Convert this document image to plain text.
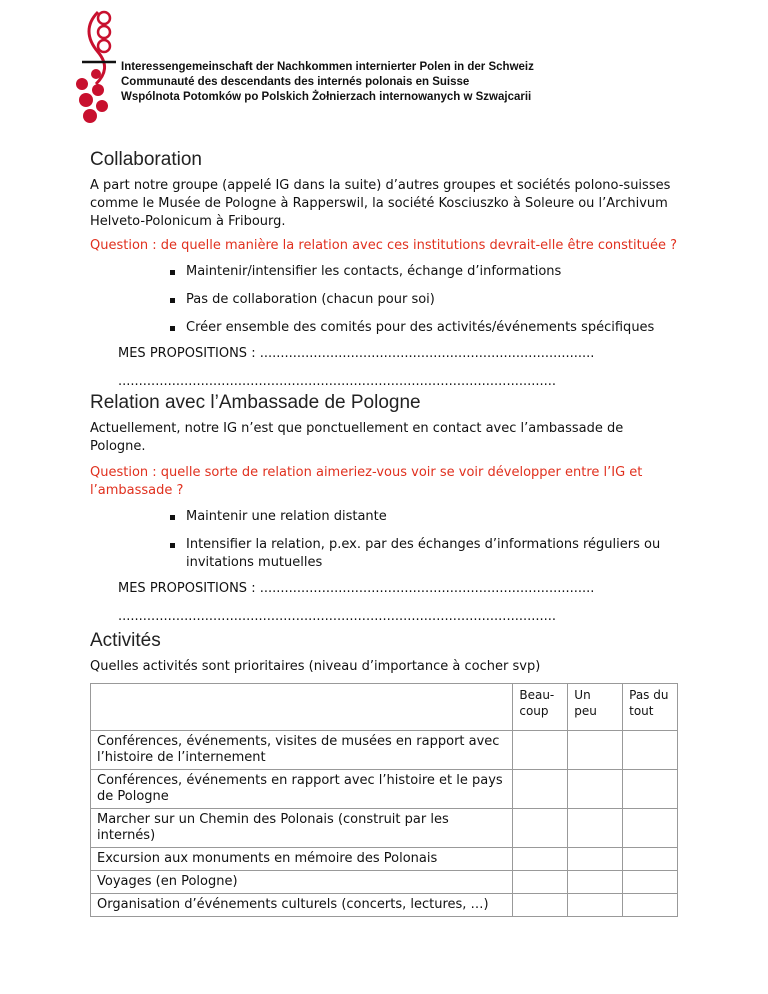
Interessengemeinschaft der Nachkommen internierter Polen in der Schweiz
Communauté des descendants des internés polonais en Suisse
Wspólnota Potomków po Polskich Żołnierzach internowanych w Szwajcarii
Collaboration

A part notre groupe (appelé IG dans la suite) d’autres groupes et sociétés polono-suisses comme le Musée de Pologne à Rapperswil, la société Kosciuszko à Soleure ou l’Archivum Helveto-Polonicum à Fribourg.

Question : de quelle manière la relation avec ces institutions devrait-elle être constituée ?

Maintenir/intensifier les contacts, échange d’informations
Pas de collaboration (chacun pour soi)
Créer ensemble des comités pour des activités/événements spécifiques

MES PROPOSITIONS : .................................................................................

..........................................................................................................

Relation avec l’Ambassade de Pologne

Actuellement, notre IG n’est que ponctuellement en contact avec l’ambassade de Pologne.

Question : quelle sorte de relation aimeriez-vous voir se voir développer entre l’IG et l’ambassade ?

Maintenir une relation distante
Intensifier la relation, p.ex. par des échanges d’informations réguliers ou invitations mutuelles

MES PROPOSITIONS : .................................................................................

..........................................................................................................

Activités

Quelles activités sont prioritaires (niveau d’importance à cocher svp)

	Beau-coup	Un peu	Pas du tout
Conférences, événements, visites de musées en rapport avec l’histoire de l’internement			
Conférences, événements en rapport avec l’histoire et le pays de Pologne			
Marcher sur un Chemin des Polonais (construit par les internés)			
Excursion aux monuments en mémoire des Polonais			
Voyages (en Pologne)			
Organisation d’événements culturels (concerts, lectures, …)			
